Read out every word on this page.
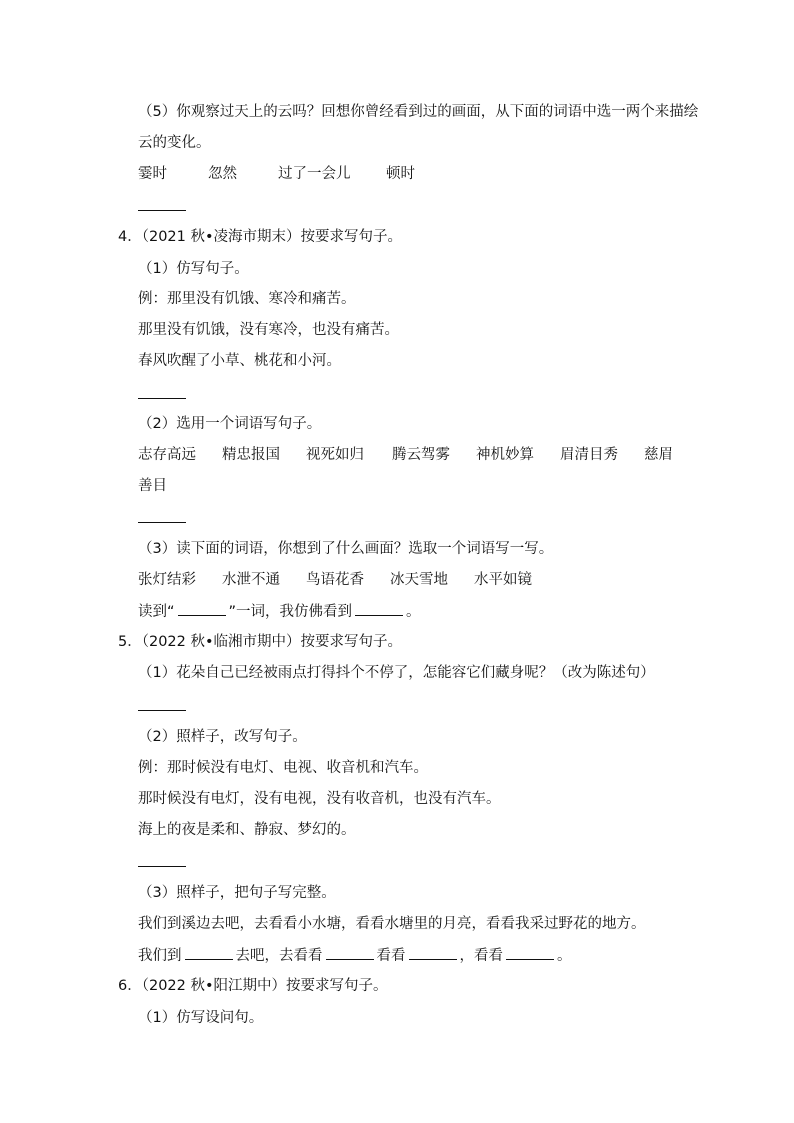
（5）你观察过天上的云吗？回想你曾经看到过的画面，从下面的词语中选一两个来描绘
云的变化。
霎时	忽然	过了一会儿 顿时
4．（2021 秋•凌海市期末）按要求写句子。
（1）仿写句子。
例：那里没有饥饿、寒冷和痛苦。
那里没有饥饿，没有寒冷，也没有痛苦。
春风吹醒了小草、桃花和小河。
（2）选用一个词语写句子。
志存高远 精忠报国 视死如归 腾云驾雾 神机妙算 眉清目秀 慈眉
善目
（3）读下面的词语，你想到了什么画面？选取一个词语写一写。
张灯结彩 水泄不通 鸟语花香 冰天雪地 水平如镜
读到“	”一词，我仿佛看到	。
5．（2022 秋•临湘市期中）按要求写句子。
（1）花朵自己已经被雨点打得抖个不停了，怎能容它们藏身呢？（改为陈述句）
（2）照样子，改写句子。
例：那时候没有电灯、电视、收音机和汽车。
那时候没有电灯，没有电视，没有收音机，也没有汽车。
海上的夜是柔和、静寂、梦幻的。
（3）照样子，把句子写完整。
我们到溪边去吧，去看看小水塘，看看水塘里的月亮，看看我采过野花的地方。
我们到	去吧，去看看	看看	，看看	。
6．（2022 秋•阳江期中）按要求写句子。
（1）仿写设问句。
